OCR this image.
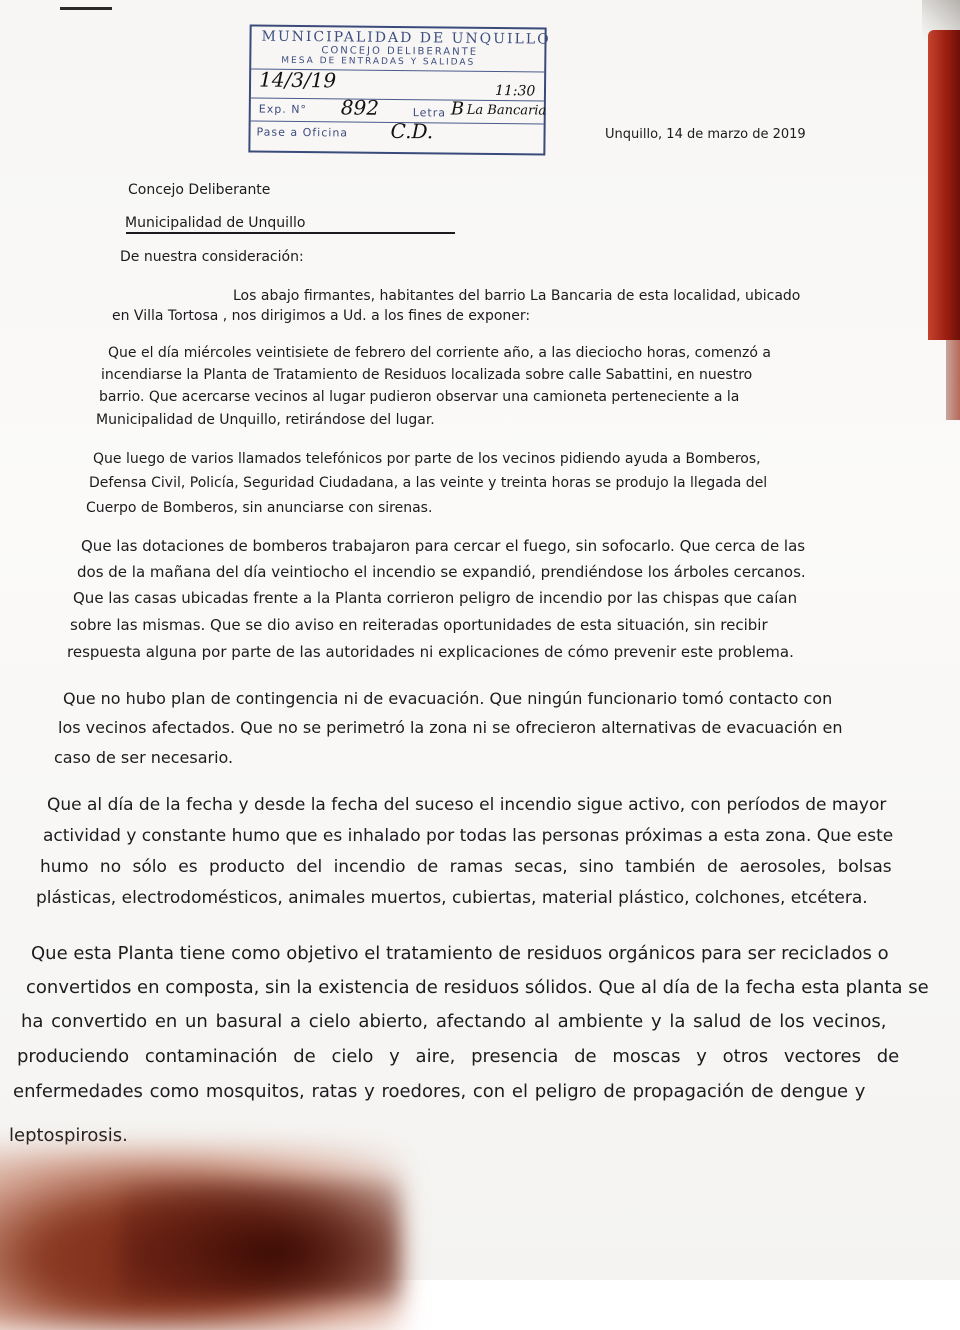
MUNICIPALIDAD DE UNQUILLO
CONCEJO DELIBERANTE
MESA DE ENTRADAS Y SALIDAS
14/3/19	11:30
Exp. N° 892	Letra B La Bancaria
Pase a Oficina C.D.	Unquillo, 14 de marzo de 2019
Concejo Deliberante
Municipalidad de Unquillo
De nuestra consideración:
Los abajo firmantes, habitantes del barrio La Bancaria de esta localidad, ubicado
en Villa Tortosa , nos dirigimos a Ud. a los fines de exponer:
Que el día miércoles veintisiete de febrero del corriente año, a las dieciocho horas, comenzó a
incendiarse la Planta de Tratamiento de Residuos localizada sobre calle Sabattini, en nuestro
barrio. Que acercarse vecinos al lugar pudieron observar una camioneta perteneciente a la
Municipalidad de Unquillo, retirándose del lugar.
Que luego de varios llamados telefónicos por parte de los vecinos pidiendo ayuda a Bomberos,
Defensa Civil, Policía, Seguridad Ciudadana, a las veinte y treinta horas se produjo la llegada del
Cuerpo de Bomberos, sin anunciarse con sirenas.
Que las dotaciones de bomberos trabajaron para cercar el fuego, sin sofocarlo. Que cerca de las
dos de la mañana del día veintiocho el incendio se expandió, prendiéndose los árboles cercanos.
Que las casas ubicadas frente a la Planta corrieron peligro de incendio por las chispas que caían
sobre las mismas. Que se dio aviso en reiteradas oportunidades de esta situación, sin recibir
respuesta alguna por parte de las autoridades ni explicaciones de cómo prevenir este problema.
Que no hubo plan de contingencia ni de evacuación. Que ningún funcionario tomó contacto con
los vecinos afectados. Que no se perimetró la zona ni se ofrecieron alternativas de evacuación en
caso de ser necesario.
Que al día de la fecha y desde la fecha del suceso el incendio sigue activo, con períodos de mayor
actividad y constante humo que es inhalado por todas las personas próximas a esta zona. Que este
humo no sólo es producto del incendio de ramas secas, sino también de aerosoles, bolsas
plásticas, electrodomésticos, animales muertos, cubiertas, material plástico, colchones, etcétera.
Que esta Planta tiene como objetivo el tratamiento de residuos orgánicos para ser reciclados o
convertidos en composta, sin la existencia de residuos sólidos. Que al día de la fecha esta planta se
ha convertido en un basural a cielo abierto, afectando al ambiente y la salud de los vecinos,
produciendo contaminación de cielo y aire, presencia de moscas y otros vectores de
enfermedades como mosquitos, ratas y roedores, con el peligro de propagación de dengue y
leptospirosis.
